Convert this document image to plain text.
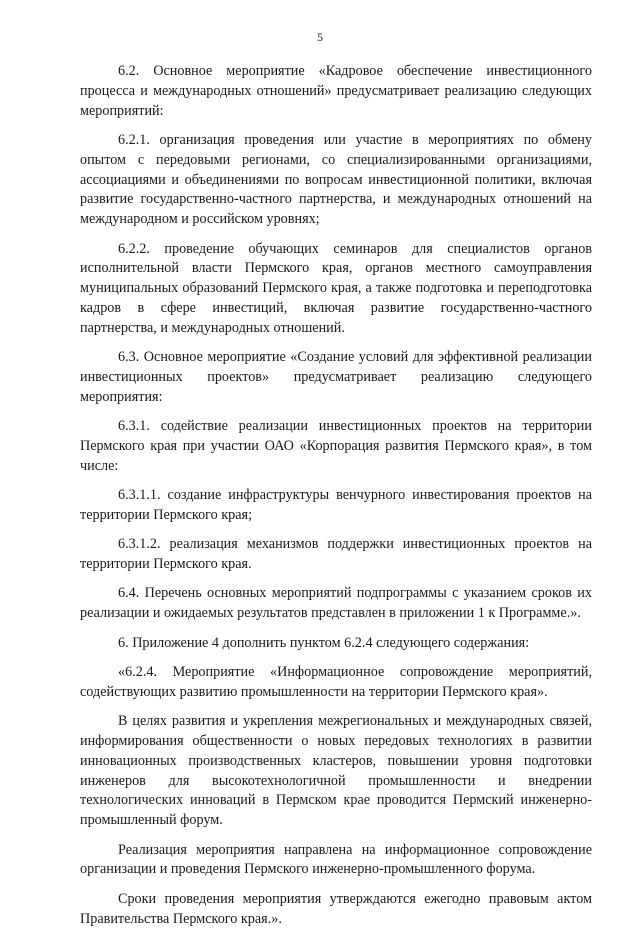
5

6.2. Основное мероприятие «Кадровое обеспечение инвестиционного процесса и международных отношений» предусматривает реализацию следующих мероприятий:

6.2.1. организация проведения или участие в мероприятиях по обмену опытом с передовыми регионами, со специализированными организациями, ассоциациями и объединениями по вопросам инвестиционной политики, включая развитие государственно-частного партнерства, и международных отношений на международном и российском уровнях;

6.2.2. проведение обучающих семинаров для специалистов органов исполнительной власти Пермского края, органов местного самоуправления муниципальных образований Пермского края, а также подготовка и переподготовка кадров в сфере инвестиций, включая развитие государственно-частного партнерства, и международных отношений.

6.3. Основное мероприятие «Создание условий для эффективной реализации инвестиционных проектов» предусматривает реализацию следующего мероприятия:

6.3.1. содействие реализации инвестиционных проектов на территории Пермского края при участии ОАО «Корпорация развития Пермского края», в том числе:

6.3.1.1. создание инфраструктуры венчурного инвестирования проектов на территории Пермского края;

6.3.1.2. реализация механизмов поддержки инвестиционных проектов на территории Пермского края.

6.4. Перечень основных мероприятий подпрограммы с указанием сроков их реализации и ожидаемых результатов представлен в приложении 1 к Программе.».

6. Приложение 4 дополнить пунктом 6.2.4 следующего содержания:

«6.2.4. Мероприятие «Информационное сопровождение мероприятий, содействующих развитию промышленности на территории Пермского края».

В целях развития и укрепления межрегиональных и международных связей, информирования общественности о новых передовых технологиях в развитии инновационных производственных кластеров, повышении уровня подготовки инженеров для высокотехнологичной промышленности и внедрении технологических инноваций в Пермском крае проводится Пермский инженерно-промышленный форум.

Реализация мероприятия направлена на информационное сопровождение организации и проведения Пермского инженерно-промышленного форума.

Сроки проведения мероприятия утверждаются ежегодно правовым актом Правительства Пермского края.».
